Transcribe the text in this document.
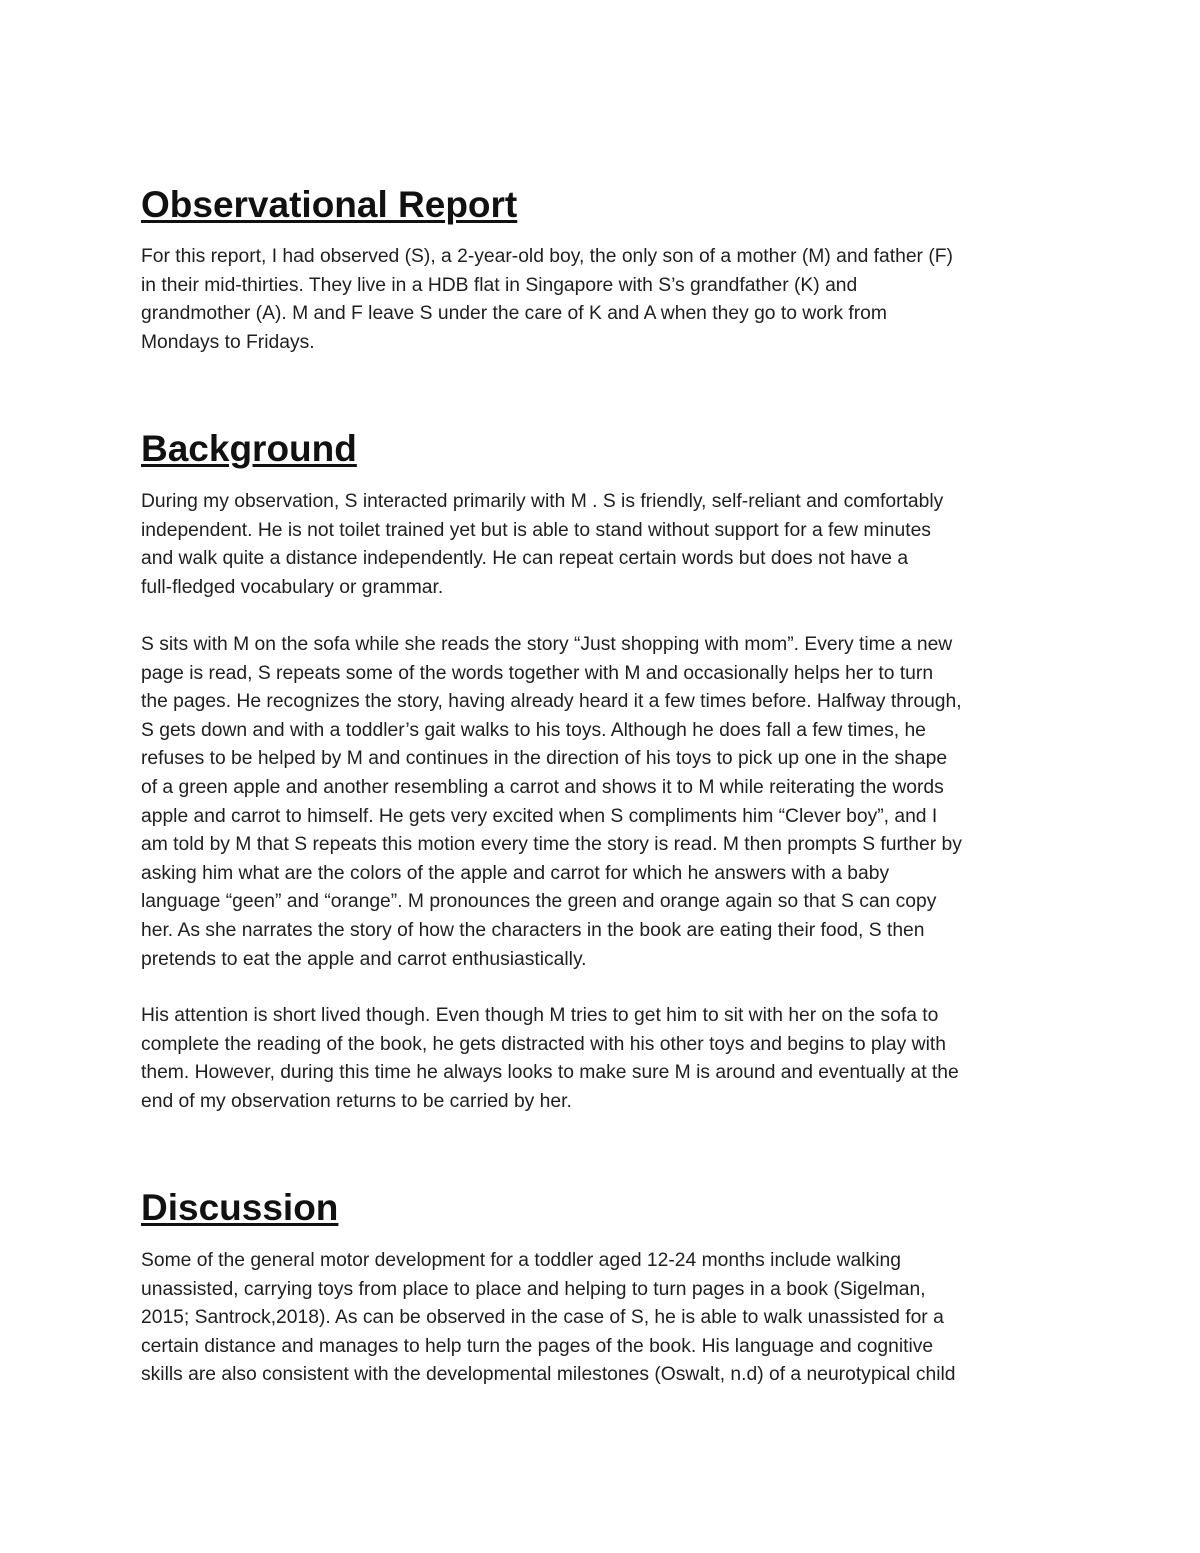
Observational Report

For this report, I had observed (S), a 2-year-old boy, the only son of a mother (M) and father (F)
in their mid-thirties. They live in a HDB flat in Singapore with S’s grandfather (K) and
grandmother (A). M and F leave S under the care of K and A when they go to work from
Mondays to Fridays.

Background

During my observation, S interacted primarily with M . S is friendly, self-reliant and comfortably
independent. He is not toilet trained yet but is able to stand without support for a few minutes
and walk quite a distance independently. He can repeat certain words but does not have a
full-fledged vocabulary or grammar.

S sits with M on the sofa while she reads the story “Just shopping with mom”. Every time a new
page is read, S repeats some of the words together with M and occasionally helps her to turn
the pages. He recognizes the story, having already heard it a few times before. Halfway through,
S gets down and with a toddler’s gait walks to his toys. Although he does fall a few times, he
refuses to be helped by M and continues in the direction of his toys to pick up one in the shape
of a green apple and another resembling a carrot and shows it to M while reiterating the words
apple and carrot to himself. He gets very excited when S compliments him “Clever boy”, and I
am told by M that S repeats this motion every time the story is read. M then prompts S further by
asking him what are the colors of the apple and carrot for which he answers with a baby
language “geen” and “orange”. M pronounces the green and orange again so that S can copy
her. As she narrates the story of how the characters in the book are eating their food, S then
pretends to eat the apple and carrot enthusiastically.

His attention is short lived though. Even though M tries to get him to sit with her on the sofa to
complete the reading of the book, he gets distracted with his other toys and begins to play with
them. However, during this time he always looks to make sure M is around and eventually at the
end of my observation returns to be carried by her.

Discussion

Some of the general motor development for a toddler aged 12-24 months include walking
unassisted, carrying toys from place to place and helping to turn pages in a book (Sigelman,
2015; Santrock,2018). As can be observed in the case of S, he is able to walk unassisted for a
certain distance and manages to help turn the pages of the book. His language and cognitive
skills are also consistent with the developmental milestones (Oswalt, n.d) of a neurotypical child
